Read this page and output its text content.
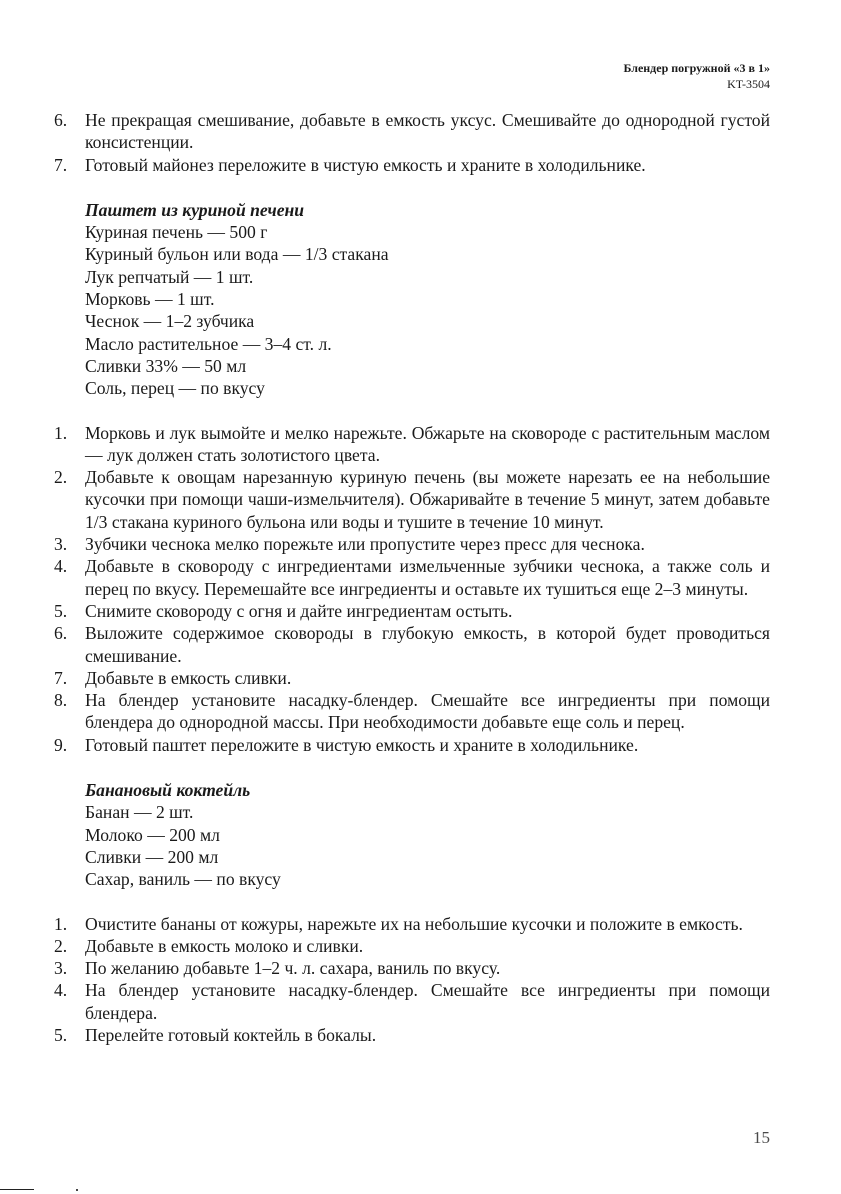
Блендер погружной «3 в 1»
KT-3504
6.	Не прекращая смешивание, добавьте в емкость уксус. Смешивайте до однородной густой консистенции.
7.	Готовый майонез переложите в чистую емкость и храните в холодильнике.
Паштет из куриной печени
Куриная печень — 500 г
Куриный бульон или вода — 1/3 стакана
Лук репчатый — 1 шт.
Морковь — 1 шт.
Чеснок — 1–2 зубчика
Масло растительное — 3–4 ст. л.
Сливки 33% — 50 мл
Соль, перец — по вкусу
1.	Морковь и лук вымойте и мелко нарежьте. Обжарьте на сковороде с растительным маслом — лук должен стать золотистого цвета.
2.	Добавьте к овощам нарезанную куриную печень (вы можете нарезать ее на небольшие кусочки при помощи чаши-измельчителя). Обжаривайте в течение 5 минут, затем добавьте 1/3 стакана куриного бульона или воды и тушите в течение 10 минут.
3.	Зубчики чеснока мелко порежьте или пропустите через пресс для чеснока.
4.	Добавьте в сковороду с ингредиентами измельченные зубчики чеснока, а также соль и перец по вкусу. Перемешайте все ингредиенты и оставьте их тушиться еще 2–3 минуты.
5.	Снимите сковороду с огня и дайте ингредиентам остыть.
6.	Выложите содержимое сковороды в глубокую емкость, в которой будет проводиться смешивание.
7.	Добавьте в емкость сливки.
8.	На блендер установите насадку-блендер. Смешайте все ингредиенты при помощи блендера до однородной массы. При необходимости добавьте еще соль и перец.
9.	Готовый паштет переложите в чистую емкость и храните в холодильнике.
Банановый коктейль
Банан — 2 шт.
Молоко — 200 мл
Сливки — 200 мл
Сахар, ваниль — по вкусу
1.	Очистите бананы от кожуры, нарежьте их на небольшие кусочки и положите в емкость.
2.	Добавьте в емкость молоко и сливки.
3.	По желанию добавьте 1–2 ч. л. сахара, ваниль по вкусу.
4.	На блендер установите насадку-блендер. Смешайте все ингредиенты при помощи блендера.
5.	Перелейте готовый коктейль в бокалы.
15
